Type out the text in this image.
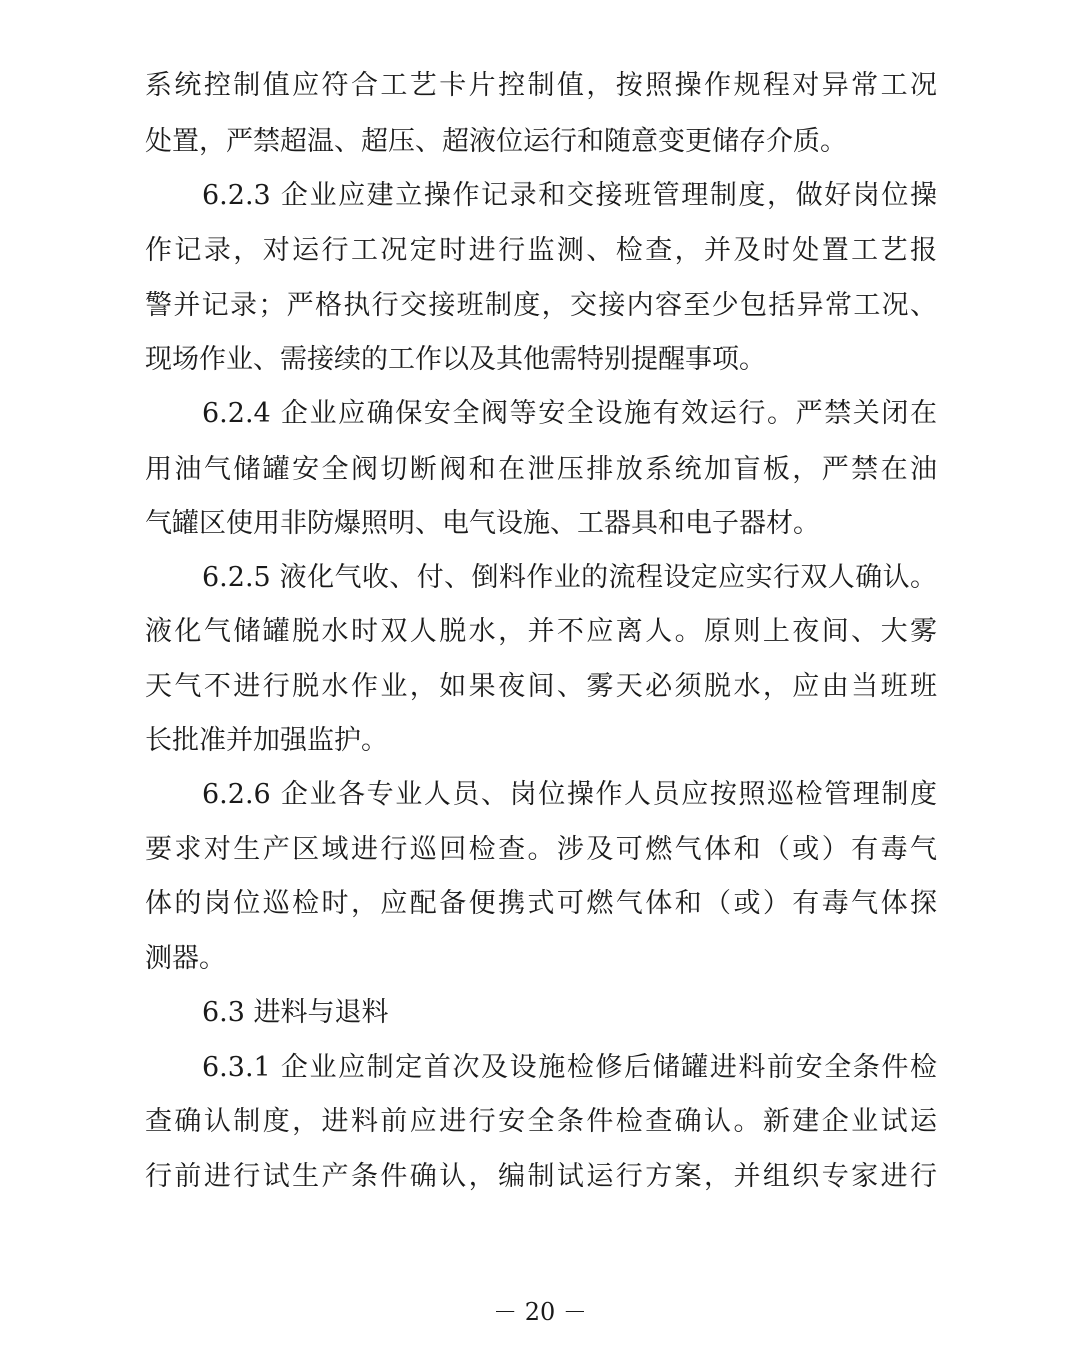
系统控制值应符合工艺卡片控制值，按照操作规程对异常工况
处置，严禁超温、超压、超液位运行和随意变更储存介质。
6.2.3 企业应建立操作记录和交接班管理制度，做好岗位操
作记录，对运行工况定时进行监测、检查，并及时处置工艺报
警并记录；严格执行交接班制度，交接内容至少包括异常工况、
现场作业、需接续的工作以及其他需特别提醒事项。
6.2.4 企业应确保安全阀等安全设施有效运行。严禁关闭在
用油气储罐安全阀切断阀和在泄压排放系统加盲板，严禁在油
气罐区使用非防爆照明、电气设施、工器具和电子器材。
6.2.5 液化气收、付、倒料作业的流程设定应实行双人确认。
液化气储罐脱水时双人脱水，并不应离人。原则上夜间、大雾
天气不进行脱水作业，如果夜间、雾天必须脱水，应由当班班
长批准并加强监护。
6.2.6 企业各专业人员、岗位操作人员应按照巡检管理制度
要求对生产区域进行巡回检查。涉及可燃气体和（或）有毒气
体的岗位巡检时，应配备便携式可燃气体和（或）有毒气体探
测器。
6.3 进料与退料
6.3.1 企业应制定首次及设施检修后储罐进料前安全条件检
查确认制度，进料前应进行安全条件检查确认。新建企业试运
行前进行试生产条件确认，编制试运行方案，并组织专家进行
－ 20 －
